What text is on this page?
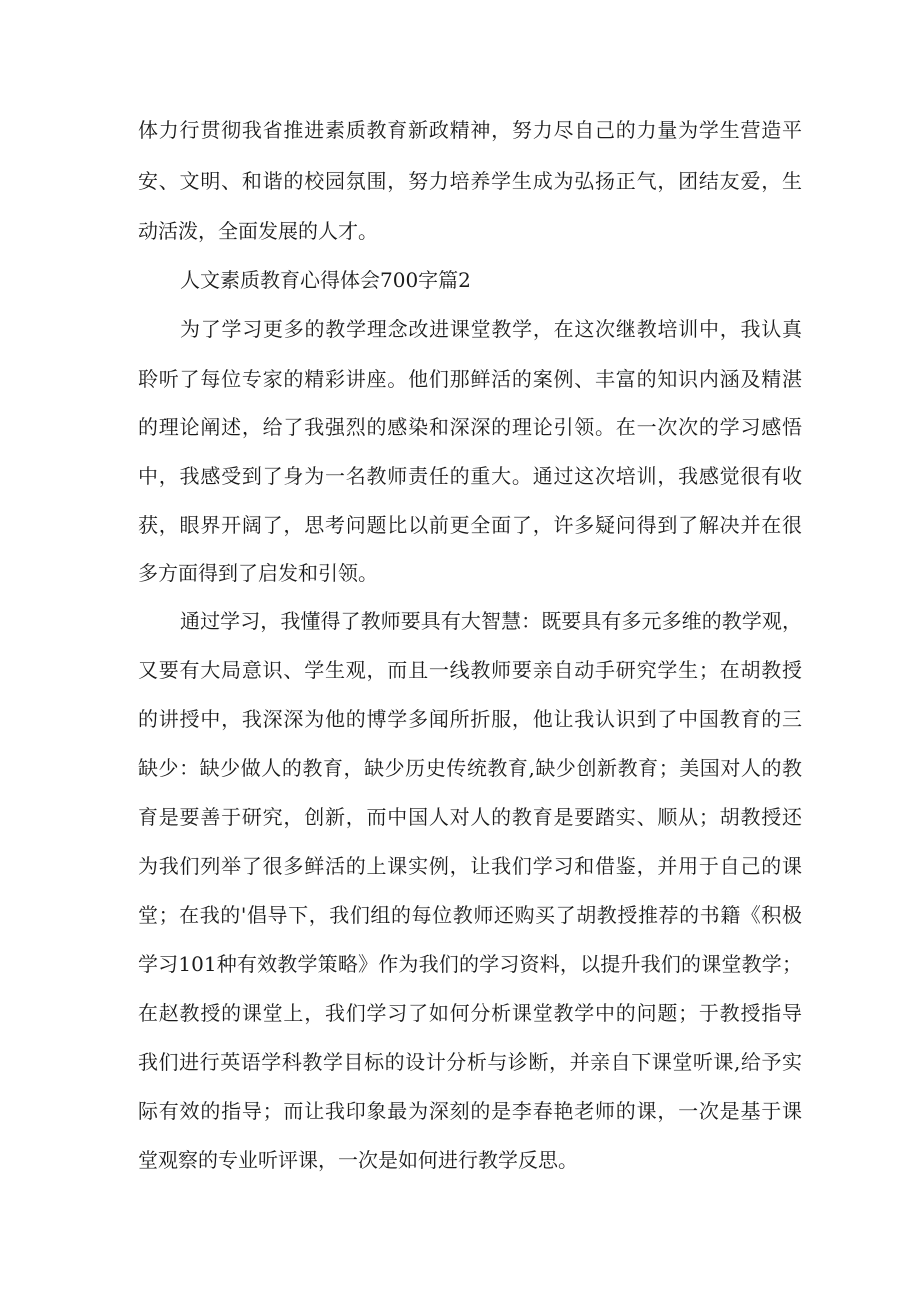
体力行贯彻我省推进素质教育新政精神，努力尽自己的力量为学生营造平
安、文明、和谐的校园氛围，努力培养学生成为弘扬正气，团结友爱，生
动活泼，全面发展的人才。
人文素质教育心得体会700字篇2
为了学习更多的教学理念改进课堂教学，在这次继教培训中，我认真
聆听了每位专家的精彩讲座。他们那鲜活的案例、丰富的知识内涵及精湛
的理论阐述，给了我强烈的感染和深深的理论引领。在一次次的学习感悟
中，我感受到了身为一名教师责任的重大。通过这次培训，我感觉很有收
获，眼界开阔了，思考问题比以前更全面了，许多疑问得到了解决并在很
多方面得到了启发和引领。
通过学习，我懂得了教师要具有大智慧：既要具有多元多维的教学观，
又要有大局意识、学生观，而且一线教师要亲自动手研究学生；在胡教授
的讲授中，我深深为他的博学多闻所折服，他让我认识到了中国教育的三
缺少：缺少做人的教育，缺少历史传统教育,缺少创新教育；美国对人的教
育是要善于研究，创新，而中国人对人的教育是要踏实、顺从；胡教授还
为我们列举了很多鲜活的上课实例，让我们学习和借鉴，并用于自己的课
堂；在我的'倡导下，我们组的每位教师还购买了胡教授推荐的书籍《积极
学习101种有效教学策略》作为我们的学习资料，以提升我们的课堂教学；
在赵教授的课堂上，我们学习了如何分析课堂教学中的问题；于教授指导
我们进行英语学科教学目标的设计分析与诊断，并亲自下课堂听课,给予实
际有效的指导；而让我印象最为深刻的是李春艳老师的课，一次是基于课
堂观察的专业听评课，一次是如何进行教学反思。
